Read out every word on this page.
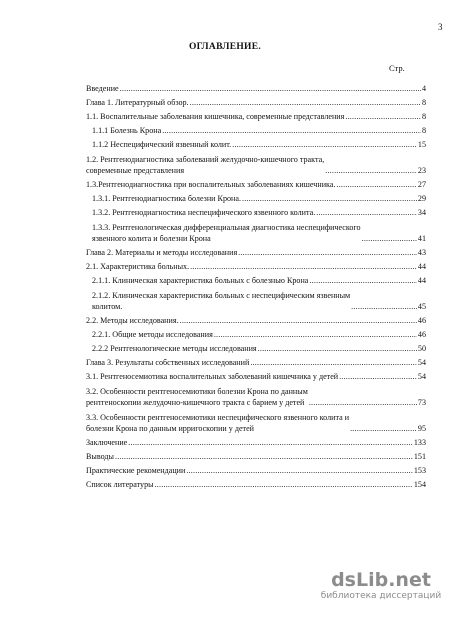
3
ОГЛАВЛЕНИЕ.
Стр.
Введение .....	4
Глава 1. Литературный обзор. .....	8
1.1. Воспалительные заболевания кишечника, современные представления .....	8
1.1.1 Болезнь Крона .....	8
1.1.2 Неспецифический язвенный колит. .....	15
1.2. Рентгенодиагностика заболеваний желудочно-кишечного тракта,
современные представления .....	23
1.3.Рентгенодиагностика при воспалительных заболеваниях кишечника. .....	27
1.3.1. Рентгенодиагностика болезни Крона. .....	29
1.3.2. Рентгенодиагностика неспецифического язвенного колита. .....	34
1.3.3. Рентгенологическая дифференциальная диагностика неспецифического
язвенного колита и болезни Крона .....	41
Глава 2. Материалы и методы исследования .....	43
2.1. Характеристика больных. .....	44
2.1.1. Клиническая характеристика больных с болезнью Крона .....	44
2.1.2. Клиническая характеристика больных с неспецифическим язвенным
колитом. .....	45
2.2. Методы исследования. .....	46
2.2.1. Общие методы исследования .....	46
2.2.2 Рентгенологические методы исследования .....	50
Глава 3. Результаты собственных исследований .....	54
3.1. Рентгеносемиотика воспалительных заболеваний кишечника у детей .....	54
3.2. Особенности рентгеносемиотики болезни Крона по данным
рентгеноскопии желудочно-кишечного тракта с барием у детей .....	73
3.3. Особенности рентгеносемиотики неспецифического язвенного колита и
болезни Крона по данным ирригоскопии у детей .....	95
Заключение .....	133
Выводы .....	151
Практические рекомендации .....	153
Список литературы .....	154
dsLib.net
библиотека диссертаций
